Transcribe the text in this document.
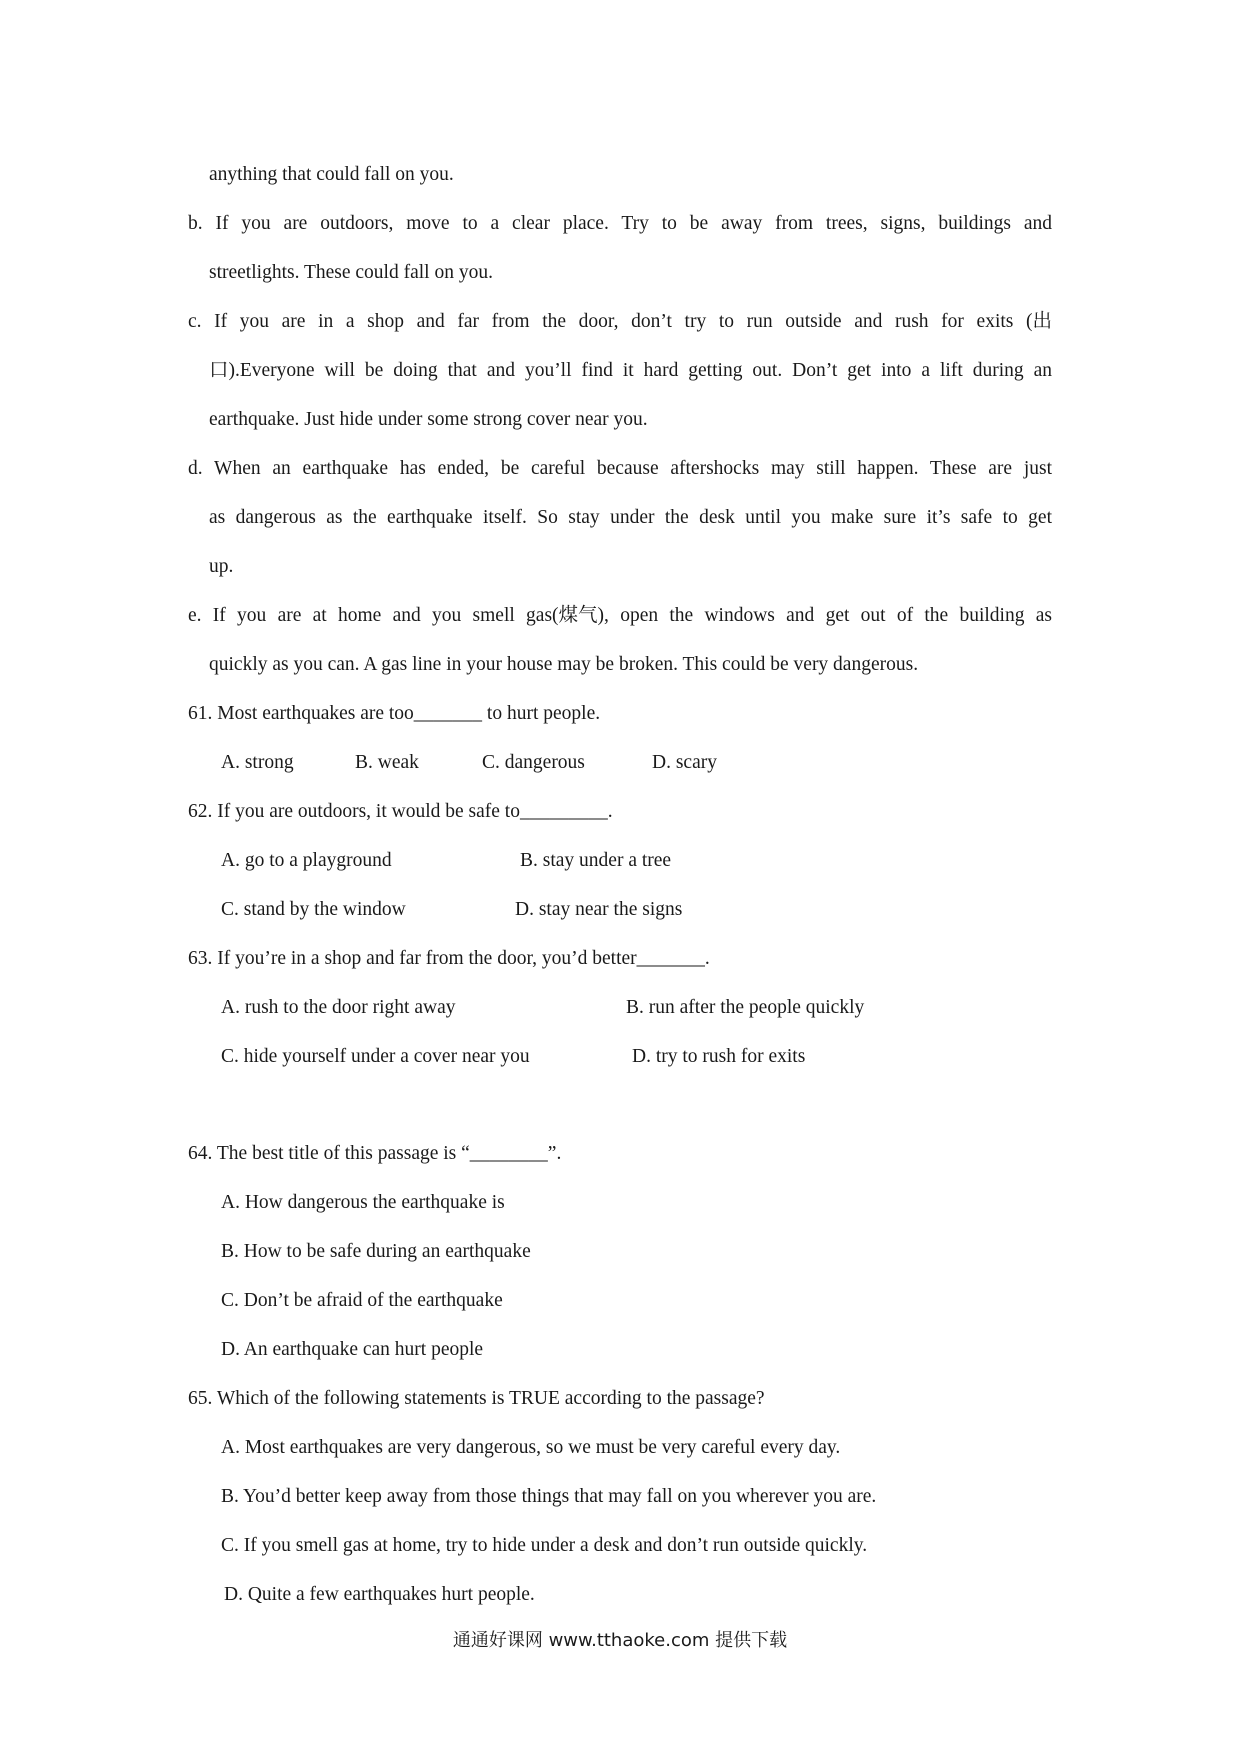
anything that could fall on you.
b. If you are outdoors, move to a clear place. Try to be away from trees, signs, buildings and
streetlights. These could fall on you.
c. If you are in a shop and far from the door, don’t try to run outside and rush for exits (出
口).Everyone will be doing that and you’ll find it hard getting out. Don’t get into a lift during an
earthquake. Just hide under some strong cover near you.
d. When an earthquake has ended, be careful because aftershocks may still happen. These are just
as dangerous as the earthquake itself. So stay under the desk until you make sure it’s safe to get
up.
e. If you are at home and you smell gas(煤气), open the windows and get out of the building as
quickly as you can. A gas line in your house may be broken. This could be very dangerous.
61. Most earthquakes are too_______ to hurt people.
A. strong	B. weak	C. dangerous	D. scary
62. If you are outdoors, it would be safe to_________.
A. go to a playground	B. stay under a tree
C. stand by the window	D. stay near the signs
63. If you’re in a shop and far from the door, you’d better_______.
A. rush to the door right away	B. run after the people quickly
C. hide yourself under a cover near you	D. try to rush for exits
64. The best title of this passage is “________”.
A. How dangerous the earthquake is
B. How to be safe during an earthquake
C. Don’t be afraid of the earthquake
D. An earthquake can hurt people
65. Which of the following statements is TRUE according to the passage?
A. Most earthquakes are very dangerous, so we must be very careful every day.
B. You’d better keep away from those things that may fall on you wherever you are.
C. If you smell gas at home, try to hide under a desk and don’t run outside quickly.
D. Quite a few earthquakes hurt people.
通通好课网 www.tthaoke.com 提供下载
